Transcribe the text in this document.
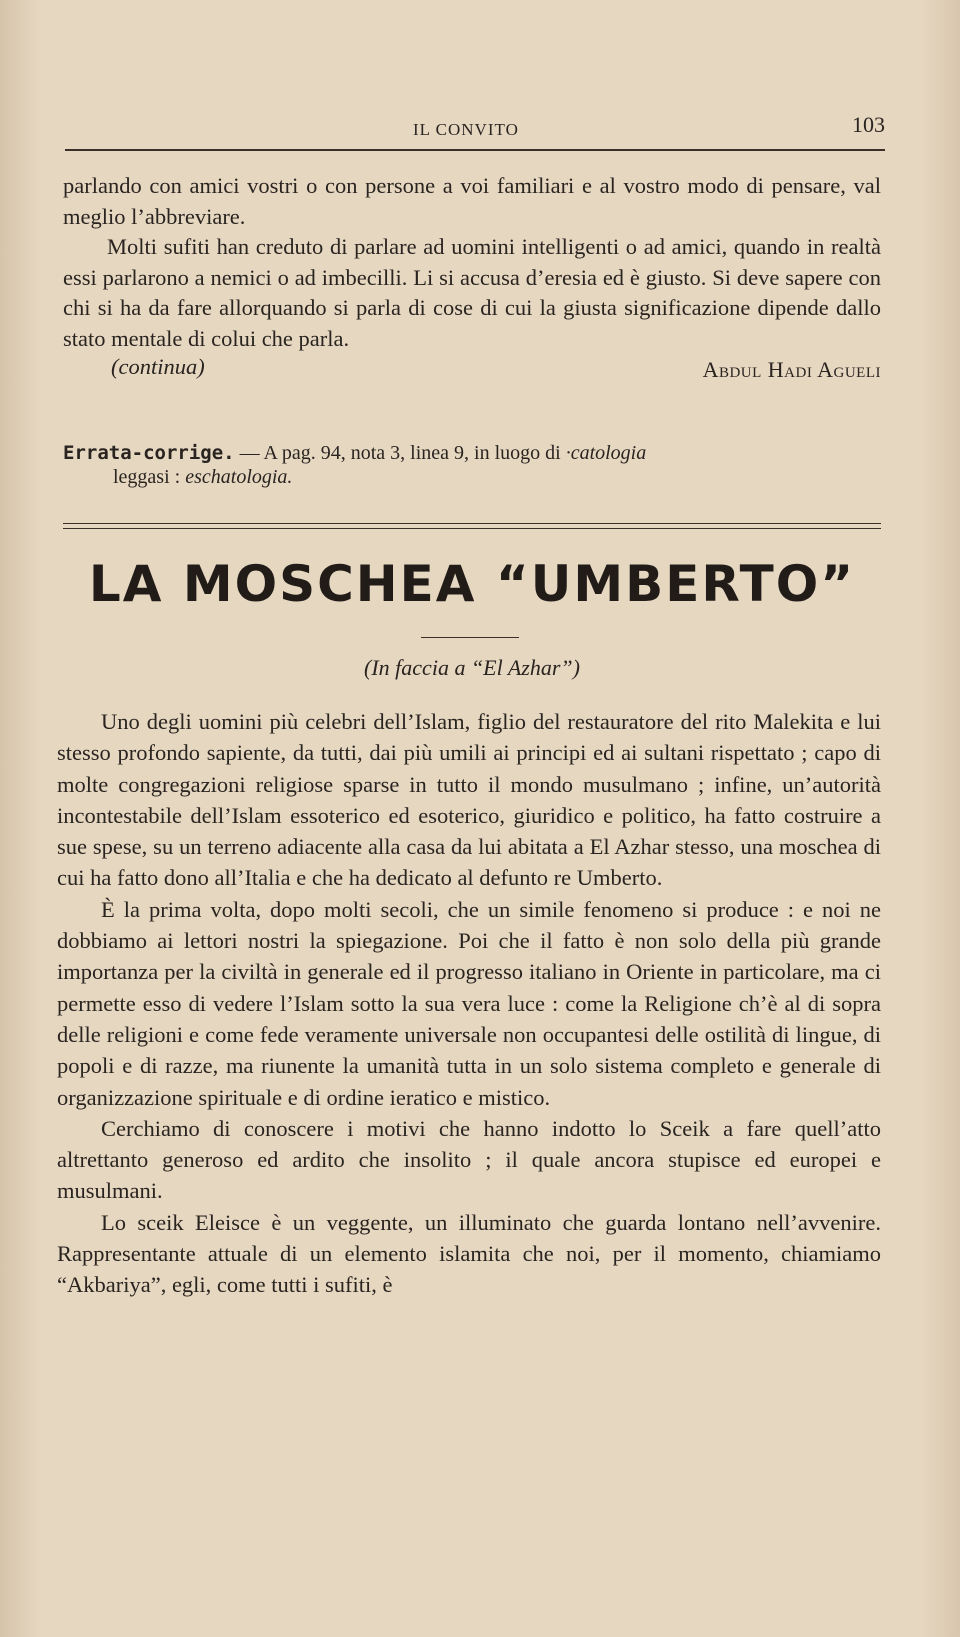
IL CONVITO	103

parlando con amici vostri o con persone a voi familiari e al vostro modo di pensare, val meglio l’abbreviare.

Molti sufiti han creduto di parlare ad uomini intelligenti o ad amici, quando in realtà essi parlarono a nemici o ad imbecilli. Li si accusa d’eresia ed è giusto. Si deve sapere con chi si ha da fare allorquando si parla di cose di cui la giusta significazione dipende dallo stato mentale di colui che parla.

(continua)	Abdul Hadi Agueli
Errata-corrige. — A pag. 94, nota 3, linea 9, in luogo di ·catologia
leggasi : eschatologia.
LA MOSCHEA “UMBERTO”
(In faccia a “El Azhar”)

Uno degli uomini più celebri dell’Islam, figlio del restauratore del rito Malekita e lui stesso profondo sapiente, da tutti, dai più umili ai principi ed ai sultani rispettato ; capo di molte congregazioni religiose sparse in tutto il mondo musulmano ; infine, un’autorità incontestabile dell’Islam essoterico ed esoterico, giuridico e politico, ha fatto costruire a sue spese, su un terreno adiacente alla casa da lui abitata a El Azhar stesso, una moschea di cui ha fatto dono all’Italia e che ha dedicato al defunto re Umberto.

È la prima volta, dopo molti secoli, che un simile fenomeno si produce : e noi ne dobbiamo ai lettori nostri la spiegazione. Poi che il fatto è non solo della più grande importanza per la civiltà in generale ed il progresso italiano in Oriente in particolare, ma ci permette esso di vedere l’Islam sotto la sua vera luce : come la Religione ch’è al di sopra delle religioni e come fede veramente universale non occupantesi delle ostilità di lingue, di popoli e di razze, ma riunente la umanità tutta in un solo sistema completo e generale di organizzazione spirituale e di ordine ieratico e mistico.

Cerchiamo di conoscere i motivi che hanno indotto lo Sceik a fare quell’atto altrettanto generoso ed ardito che insolito ; il quale ancora stupisce ed europei e musulmani.

Lo sceik Eleisce è un veggente, un illuminato che guarda lontano nell’avvenire. Rappresentante attuale di un elemento islamita che noi, per il momento, chiamiamo “Akbariya”, egli, come tutti i sufiti, è
